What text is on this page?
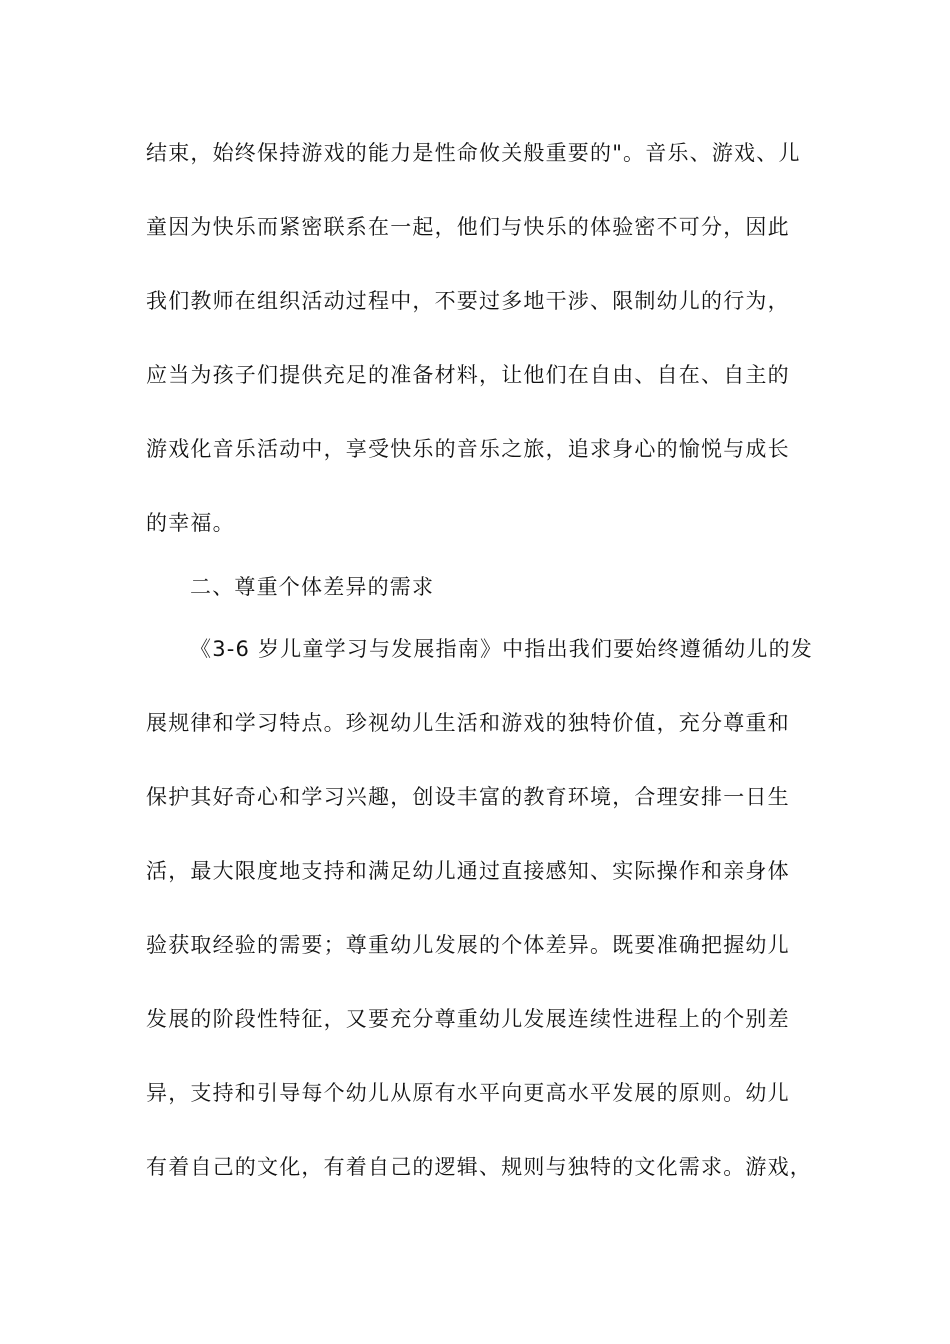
结束，始终保持游戏的能力是性命攸关般重要的"。音乐、游戏、儿
童因为快乐而紧密联系在一起，他们与快乐的体验密不可分，因此
我们教师在组织活动过程中，不要过多地干涉、限制幼儿的行为，
应当为孩子们提供充足的准备材料，让他们在自由、自在、自主的
游戏化音乐活动中，享受快乐的音乐之旅，追求身心的愉悦与成长
的幸福。
二、尊重个体差异的需求
《3-6 岁儿童学习与发展指南》中指出我们要始终遵循幼儿的发
展规律和学习特点。珍视幼儿生活和游戏的独特价值，充分尊重和
保护其好奇心和学习兴趣，创设丰富的教育环境，合理安排一日生
活，最大限度地支持和满足幼儿通过直接感知、实际操作和亲身体
验获取经验的需要；尊重幼儿发展的个体差异。既要准确把握幼儿
发展的阶段性特征，又要充分尊重幼儿发展连续性进程上的个别差
异，支持和引导每个幼儿从原有水平向更高水平发展的原则。幼儿
有着自己的文化，有着自己的逻辑、规则与独特的文化需求。游戏，
